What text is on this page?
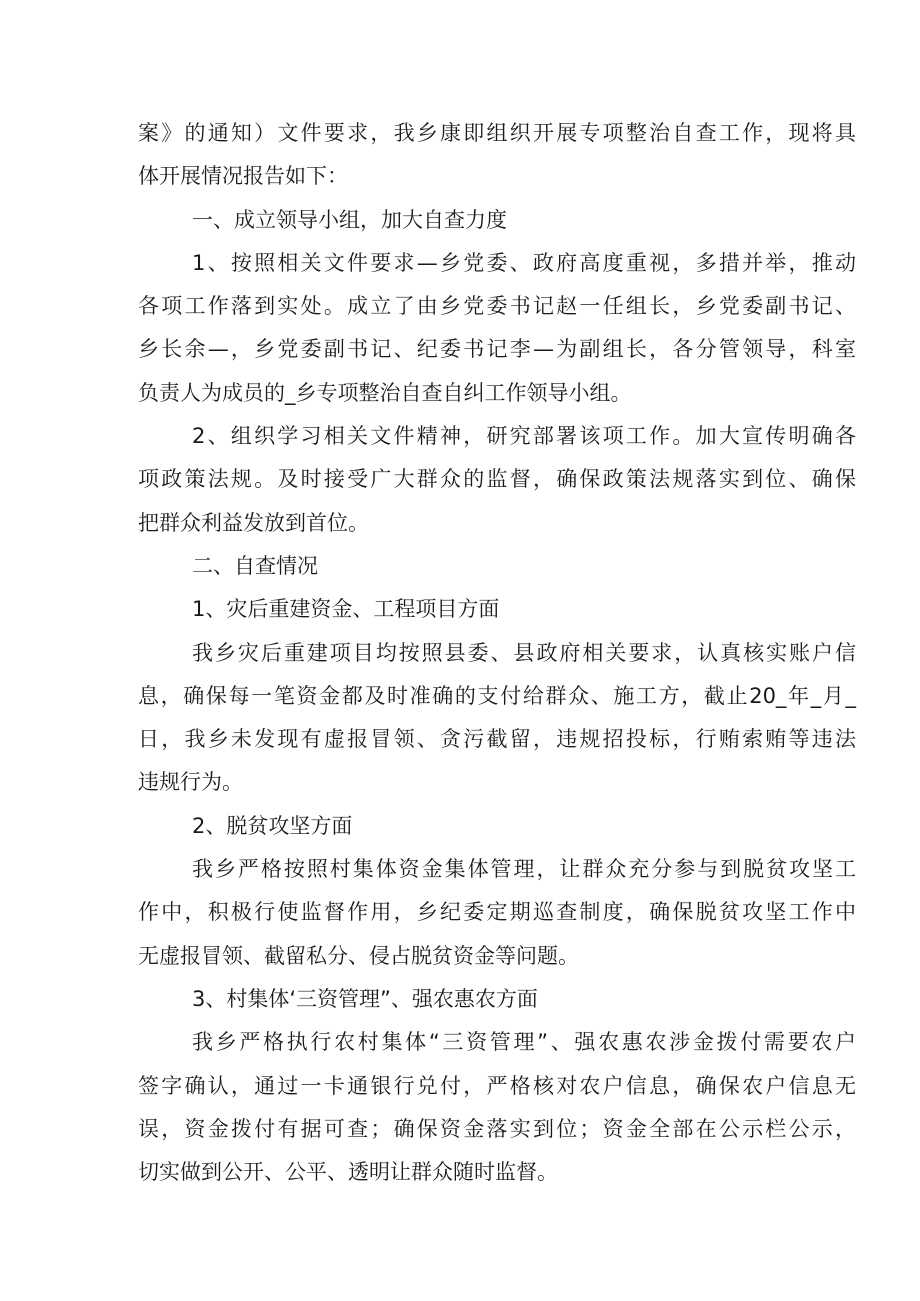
案》的通知）文件要求，我乡康即组织开展专项整治自查工作，现将具
体开展情况报告如下：
一、成立领导小组，加大自查力度
1、按照相关文件要求—乡党委、政府高度重视，多措并举，推动
各项工作落到实处。成立了由乡党委书记赵一任组长，乡党委副书记、
乡长余—，乡党委副书记、纪委书记李—为副组长，各分管领导，科室
负责人为成员的_乡专项整治自查自纠工作领导小组。
2、组织学习相关文件精神，研究部署该项工作。加大宣传明确各
项政策法规。及时接受广大群众的监督，确保政策法规落实到位、确保
把群众利益发放到首位。
二、自查情况
1、灾后重建资金、工程项目方面
我乡灾后重建项目均按照县委、县政府相关要求，认真核实账户信
息，确保每一笔资金都及时准确的支付给群众、施工方，截止20_年_月_
日，我乡未发现有虚报冒领、贪污截留，违规招投标，行贿索贿等违法
违规行为。
2、脱贫攻坚方面
我乡严格按照村集体资金集体管理，让群众充分参与到脱贫攻坚工
作中，积极行使监督作用，乡纪委定期巡查制度，确保脱贫攻坚工作中
无虚报冒领、截留私分、侵占脱贫资金等问题。
3、村集体‘三资管理”、强农惠农方面
我乡严格执行农村集体“三资管理”、强农惠农涉金拨付需要农户
签字确认，通过一卡通银行兑付，严格核对农户信息，确保农户信息无
误，资金拨付有据可查；确保资金落实到位；资金全部在公示栏公示，
切实做到公开、公平、透明让群众随时监督。
